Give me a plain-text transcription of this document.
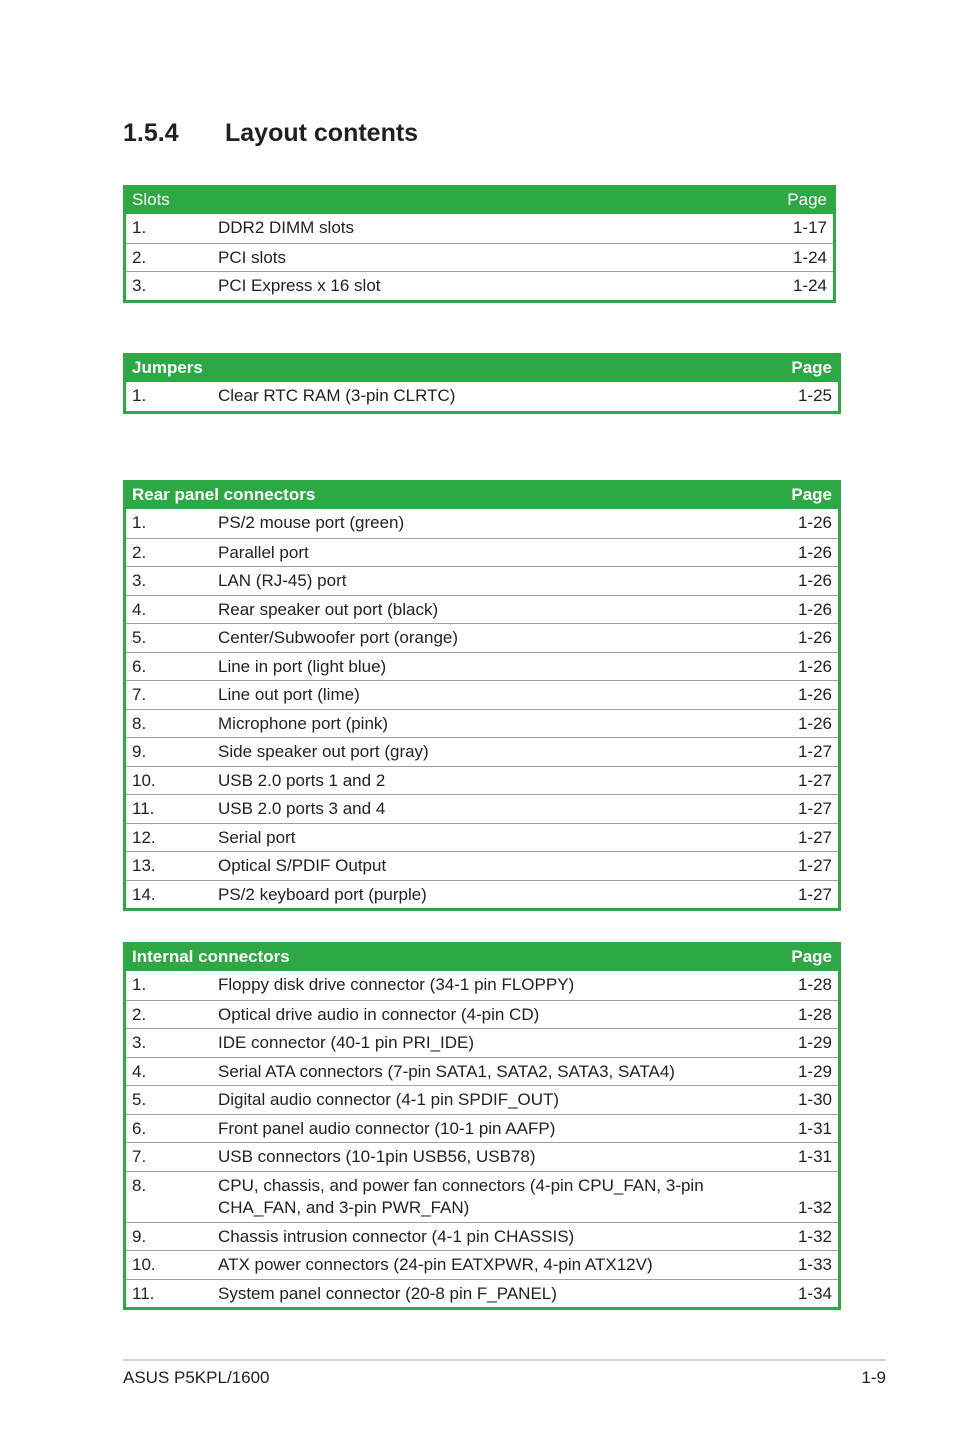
1.5.4 Layout contents
Slots	Page
1.	DDR2 DIMM slots	1-17
2.	PCI slots	1-24
3.	PCI Express x 16 slot	1-24
Jumpers	Page
1.	Clear RTC RAM (3-pin CLRTC)	1-25
Rear panel connectors	Page
1.	PS/2 mouse port (green)	1-26
2.	Parallel port	1-26
3.	LAN (RJ-45) port	1-26
4.	Rear speaker out port (black)	1-26
5.	Center/Subwoofer port (orange)	1-26
6.	Line in port (light blue)	1-26
7.	Line out port (lime)	1-26
8.	Microphone port (pink)	1-26
9.	Side speaker out port (gray)	1-27
10.	USB 2.0 ports 1 and 2	1-27
11.	USB 2.0 ports 3 and 4	1-27
12.	Serial port	1-27
13.	Optical S/PDIF Output	1-27
14.	PS/2 keyboard port (purple)	1-27
Internal connectors	Page
1.	Floppy disk drive connector (34-1 pin FLOPPY)	1-28
2.	Optical drive audio in connector (4-pin CD)	1-28
3.	IDE connector (40-1 pin PRI_IDE)	1-29
4.	Serial ATA connectors (7-pin SATA1, SATA2, SATA3, SATA4)	1-29
5.	Digital audio connector (4-1 pin SPDIF_OUT)	1-30
6.	Front panel audio connector (10-1 pin AAFP)	1-31
7.	USB connectors (10-1pin USB56, USB78)	1-31
8.	CPU, chassis, and power fan connectors (4-pin CPU_FAN, 3-pin CHA_FAN, and 3-pin PWR_FAN)	1-32
9.	Chassis intrusion connector (4-1 pin CHASSIS)	1-32
10.	ATX power connectors (24-pin EATXPWR, 4-pin ATX12V)	1-33
11.	System panel connector (20-8 pin F_PANEL)	1-34
ASUS P5KPL/1600	1-9
